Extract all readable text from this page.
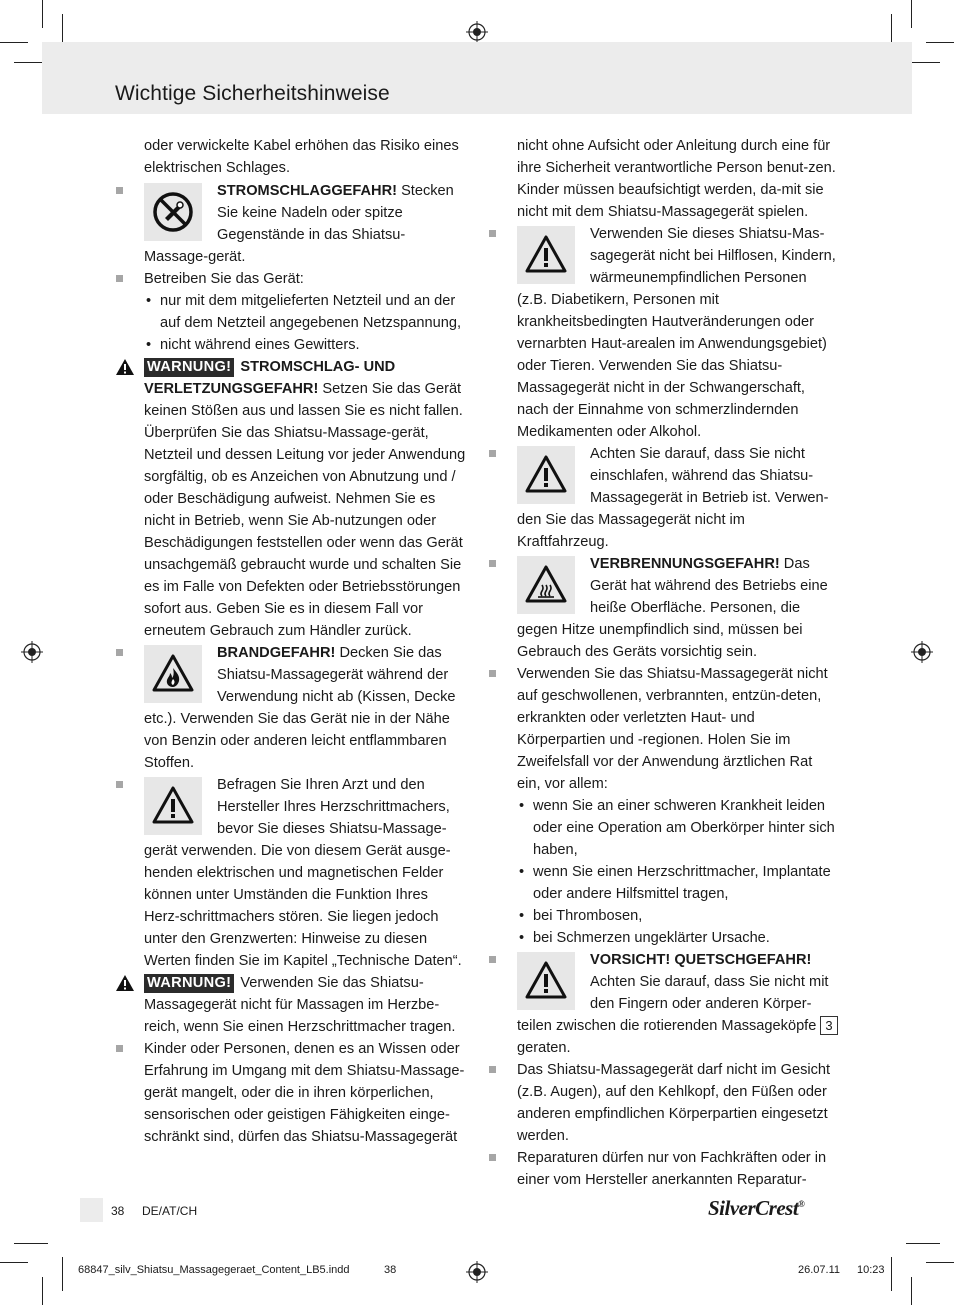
Wichtige Sicherheitshinweise

oder verwickelte Kabel erhöhen das Risiko eines elektrischen Schlages.

STROMSCHLAGGEFAHR! Stecken Sie keine Nadeln oder spitze Gegenstände in das Shiatsu-Massage-gerät.

Betreiben Sie das Gerät:

• nur mit dem mitgelieferten Netzteil und an der auf dem Netzteil angegebenen Netzspannung,
• nicht während eines Gewitters.

WARNUNG! STROMSCHLAG- UND VERLETZUNGSGEFAHR! Setzen Sie das Gerät keinen Stößen aus und lassen Sie es nicht fallen. Überprüfen Sie das Shiatsu-Massage-gerät, Netzteil und dessen Leitung vor jeder Anwendung sorgfältig, ob es Anzeichen von Abnutzung und / oder Beschädigung aufweist. Nehmen Sie es nicht in Betrieb, wenn Sie Ab-nutzungen oder Beschädigungen feststellen oder wenn das Gerät unsachgemäß gebraucht wurde und schalten Sie es im Falle von Defekten oder Betriebsstörungen sofort aus. Geben Sie es in diesem Fall vor erneutem Gebrauch zum Händler zurück.

BRANDGEFAHR! Decken Sie das Shiatsu-Massagegerät während der Verwendung nicht ab (Kissen, Decke etc.). Verwenden Sie das Gerät nie in der Nähe von Benzin oder anderen leicht entflammbaren Stoffen.

Befragen Sie Ihren Arzt und den Hersteller Ihres Herzschrittmachers, bevor Sie dieses Shiatsu-Massage-gerät verwenden. Die von diesem Gerät ausge-henden elektrischen und magnetischen Felder können unter Umständen die Funktion Ihres Herz-schrittmachers stören. Sie liegen jedoch unter den Grenzwerten: Hinweise zu diesen Werten finden Sie im Kapitel „Technische Daten“.

WARNUNG! Verwenden Sie das Shiatsu-Massagegerät nicht für Massagen im Herzbe-reich, wenn Sie einen Herzschrittmacher tragen.

Kinder oder Personen, denen es an Wissen oder Erfahrung im Umgang mit dem Shiatsu-Massage-gerät mangelt, oder die in ihren körperlichen, sensorischen oder geistigen Fähigkeiten einge-schränkt sind, dürfen das Shiatsu-Massagegerät

nicht ohne Aufsicht oder Anleitung durch eine für ihre Sicherheit verantwortliche Person benut-zen. Kinder müssen beaufsichtigt werden, da-mit sie nicht mit dem Shiatsu-Massagegerät spielen.

Verwenden Sie dieses Shiatsu-Mas-sagegerät nicht bei Hilflosen, Kindern, wärmeunempfindlichen Personen (z.B. Diabetikern, Personen mit krankheitsbedingten Hautveränderungen oder vernarbten Haut-arealen im Anwendungsgebiet) oder Tieren. Verwenden Sie das Shiatsu-Massagegerät nicht in der Schwangerschaft, nach der Einnahme von schmerzlindernden Medikamenten oder Alkohol.

Achten Sie darauf, dass Sie nicht einschlafen, während das Shiatsu-Massagegerät in Betrieb ist. Verwen-den Sie das Massagegerät nicht im Kraftfahrzeug.

VERBRENNUNGSGEFAHR! Das Gerät hat während des Betriebs eine heiße Oberfläche. Personen, die gegen Hitze unempfindlich sind, müssen bei Gebrauch des Geräts vorsichtig sein.

Verwenden Sie das Shiatsu-Massagegerät nicht auf geschwollenen, verbrannten, entzün-deten, erkrankten oder verletzten Haut- und Körperpartien und -regionen. Holen Sie im Zweifelsfall vor der Anwendung ärztlichen Rat ein, vor allem:

• wenn Sie an einer schweren Krankheit leiden oder eine Operation am Oberkörper hinter sich haben,
• wenn Sie einen Herzschrittmacher, Implantate oder andere Hilfsmittel tragen,
• bei Thrombosen,
• bei Schmerzen ungeklärter Ursache.

VORSICHT! QUETSCHGEFAHR! Achten Sie darauf, dass Sie nicht mit den Fingern oder anderen Körper-teilen zwischen die rotierenden Massageköpfe 3 geraten.

Das Shiatsu-Massagegerät darf nicht im Gesicht (z.B. Augen), auf den Kehlkopf, den Füßen oder anderen empfindlichen Körperpartien eingesetzt werden.

Reparaturen dürfen nur von Fachkräften oder in einer vom Hersteller anerkannten Reparatur-

38 DE/AT/CH	SilverCrest®
68847_silv_Shiatsu_Massagegeraet_Content_LB5.indd	38	26.07.11 10:23
